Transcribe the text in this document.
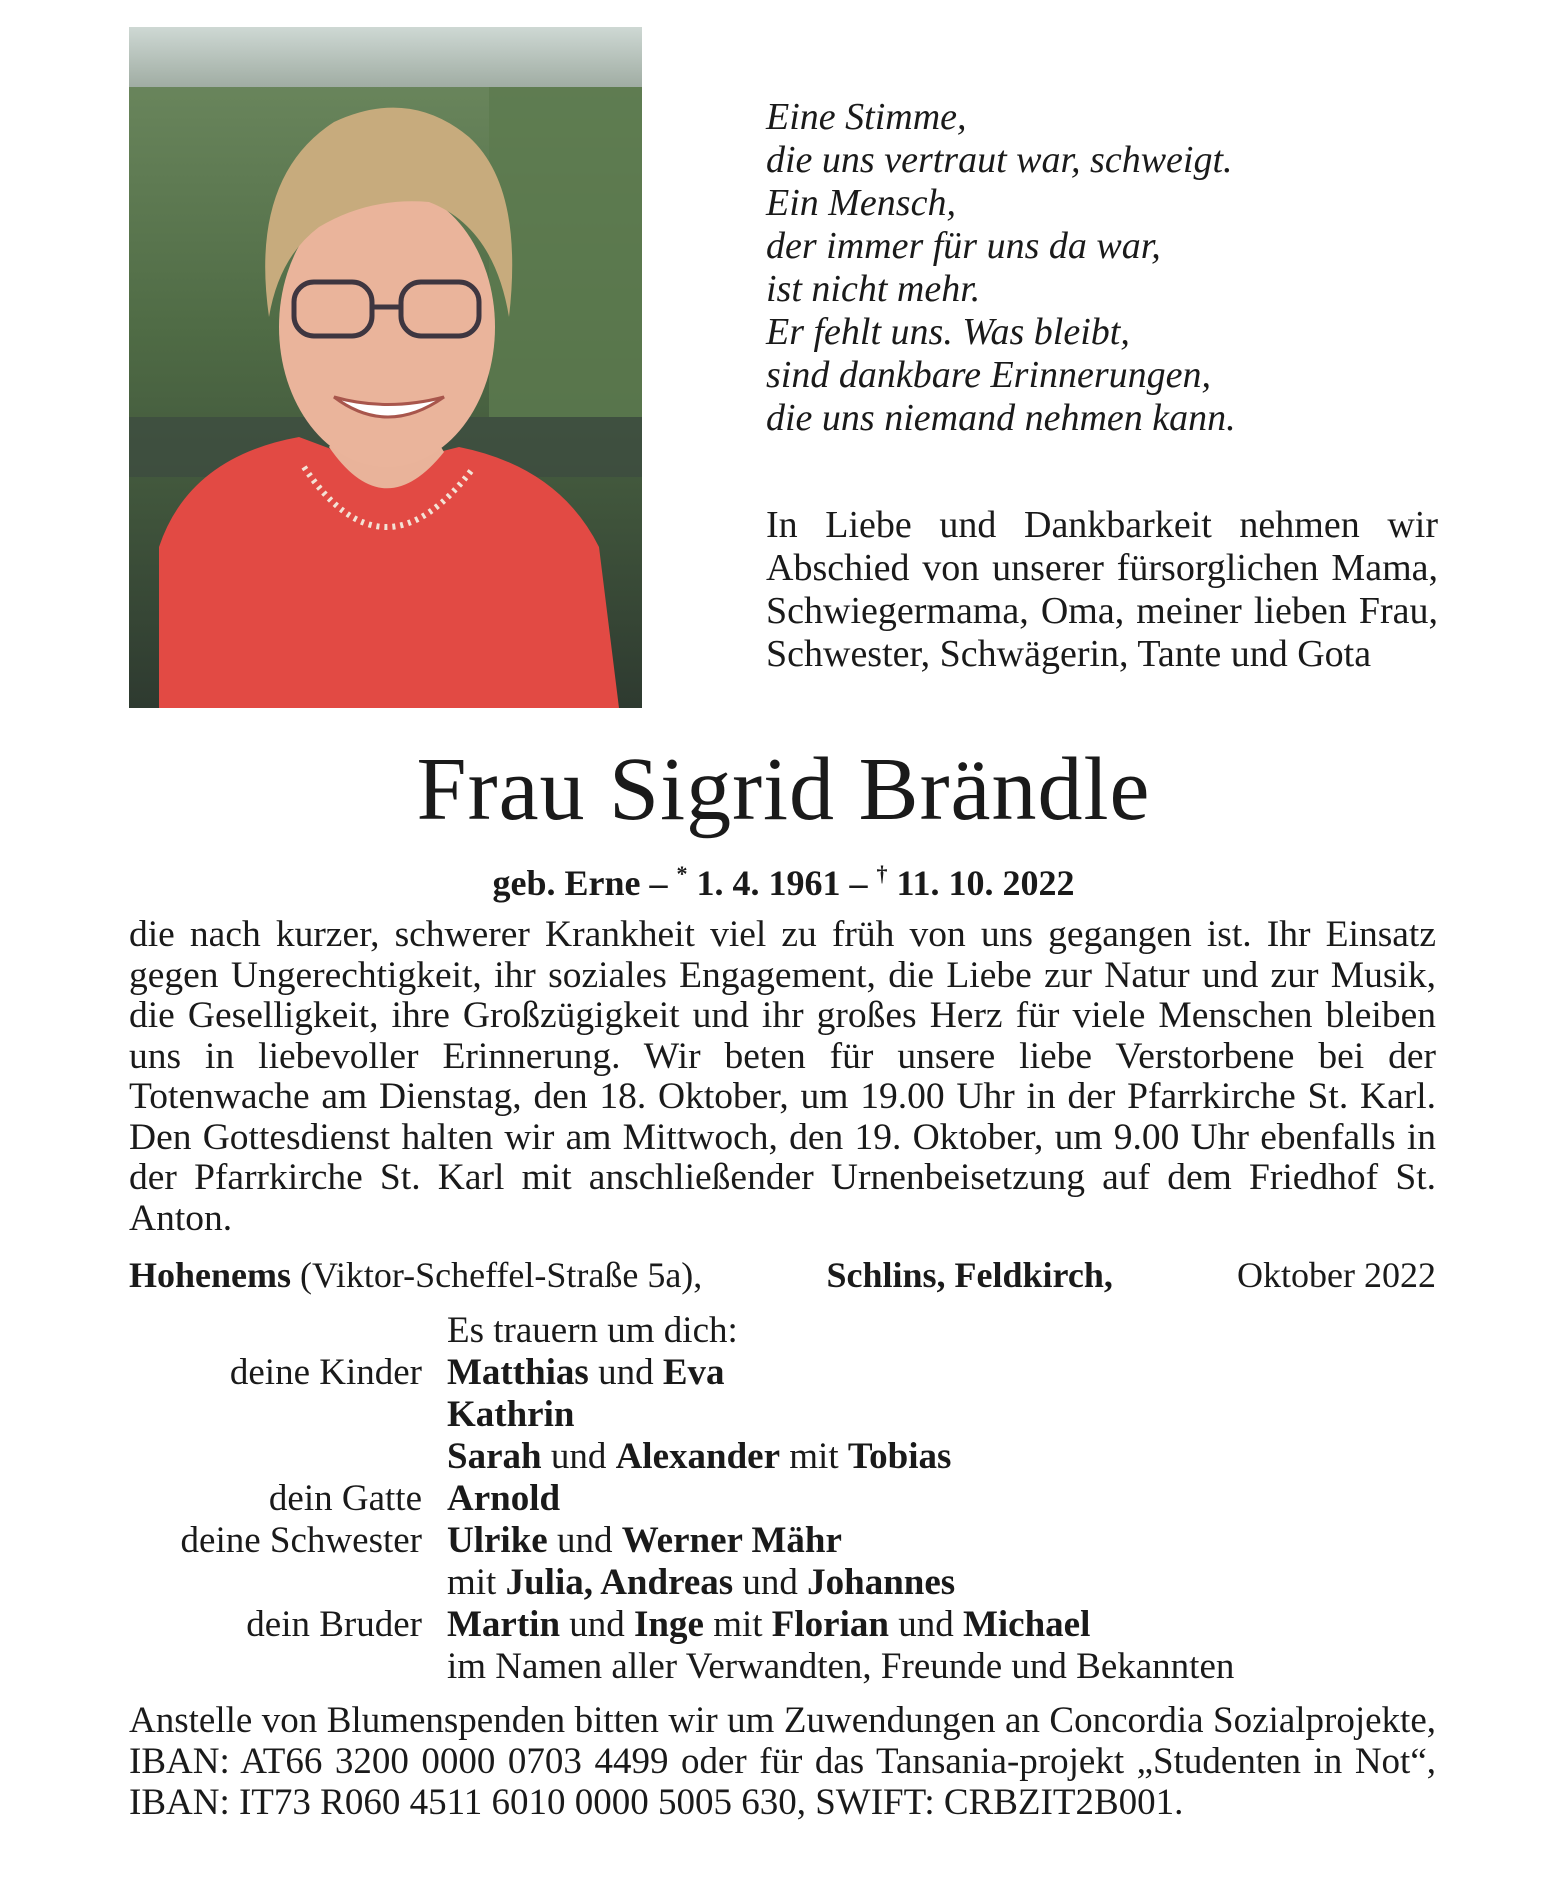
Eine Stimme,
die uns vertraut war, schweigt.
Ein Mensch,
der immer für uns da war,
ist nicht mehr.
Er fehlt uns. Was bleibt,
sind dankbare Erinnerungen,
die uns niemand nehmen kann.
In Liebe und Dankbarkeit nehmen wir Abschied von unserer fürsorglichen Mama, Schwiegermama, Oma, meiner lieben Frau, Schwester, Schwägerin, Tante und Gota
Frau Sigrid Brändle
geb. Erne – * 1. 4. 1961 – † 11. 10. 2022
die nach kurzer, schwerer Krankheit viel zu früh von uns gegangen ist. Ihr Einsatz gegen Ungerechtigkeit, ihr soziales Engagement, die Liebe zur Natur und zur Musik, die Geselligkeit, ihre Großzügigkeit und ihr großes Herz für viele Menschen bleiben uns in liebevoller Erinnerung. Wir beten für unsere liebe Verstorbene bei der Totenwache am Dienstag, den 18. Oktober, um 19.00 Uhr in der Pfarrkirche St. Karl. Den Gottesdienst halten wir am Mittwoch, den 19. Oktober, um 9.00 Uhr ebenfalls in der Pfarrkirche St. Karl mit anschließender Urnenbeisetzung auf dem Friedhof St. Anton.
Hohenems (Viktor-Scheffel-Straße 5a),	Schlins, Feldkirch,	Oktober 2022
Es trauern um dich:
deine Kinder Matthias und Eva
Kathrin
Sarah und Alexander mit Tobias
dein Gatte Arnold
deine Schwester Ulrike und Werner Mähr
mit Julia, Andreas und Johannes
dein Bruder Martin und Inge mit Florian und Michael
im Namen aller Verwandten, Freunde und Bekannten
Anstelle von Blumenspenden bitten wir um Zuwendungen an Concordia Sozialprojekte, IBAN: AT66 3200 0000 0703 4499 oder für das Tansania-projekt „Studenten in Not“, IBAN: IT73 R060 4511 6010 0000 5005 630, SWIFT: CRBZIT2B001.
